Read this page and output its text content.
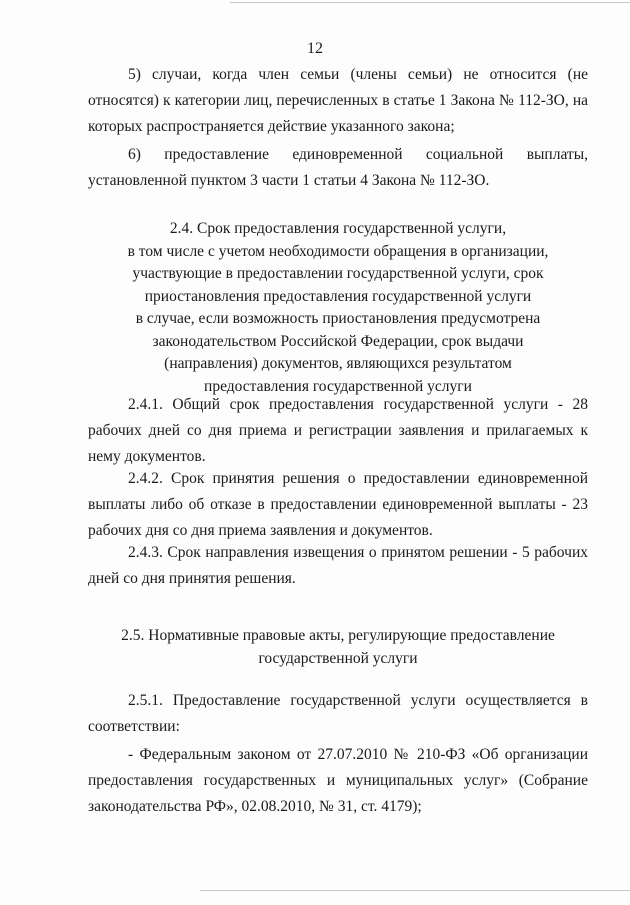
12

5) случаи, когда член семьи (члены семьи) не относится (не относятся) к категории лиц, перечисленных в статье 1 Закона № 112-ЗО, на которых распространяется действие указанного закона;

6) предоставление единовременной социальной выплаты, установленной пунктом 3 части 1 статьи 4 Закона № 112-ЗО.

2.4. Срок предоставления государственной услуги,
в том числе с учетом необходимости обращения в организации,
участвующие в предоставлении государственной услуги, срок
приостановления предоставления государственной услуги
в случае, если возможность приостановления предусмотрена
законодательством Российской Федерации, срок выдачи
(направления) документов, являющихся результатом
предоставления государственной услуги

2.4.1. Общий срок предоставления государственной услуги - 28 рабочих дней со дня приема и регистрации заявления и прилагаемых к нему документов.

2.4.2. Срок принятия решения о предоставлении единовременной выплаты либо об отказе в предоставлении единовременной выплаты - 23 рабочих дня со дня приема заявления и документов.

2.4.3. Срок направления извещения о принятом решении - 5 рабочих дней со дня принятия решения.

2.5. Нормативные правовые акты, регулирующие предоставление
государственной услуги

2.5.1. Предоставление государственной услуги осуществляется в соответствии:

- Федеральным законом от 27.07.2010 № 210-ФЗ «Об организации предоставления государственных и муниципальных услуг» (Собрание законодательства РФ», 02.08.2010, № 31, ст. 4179);
